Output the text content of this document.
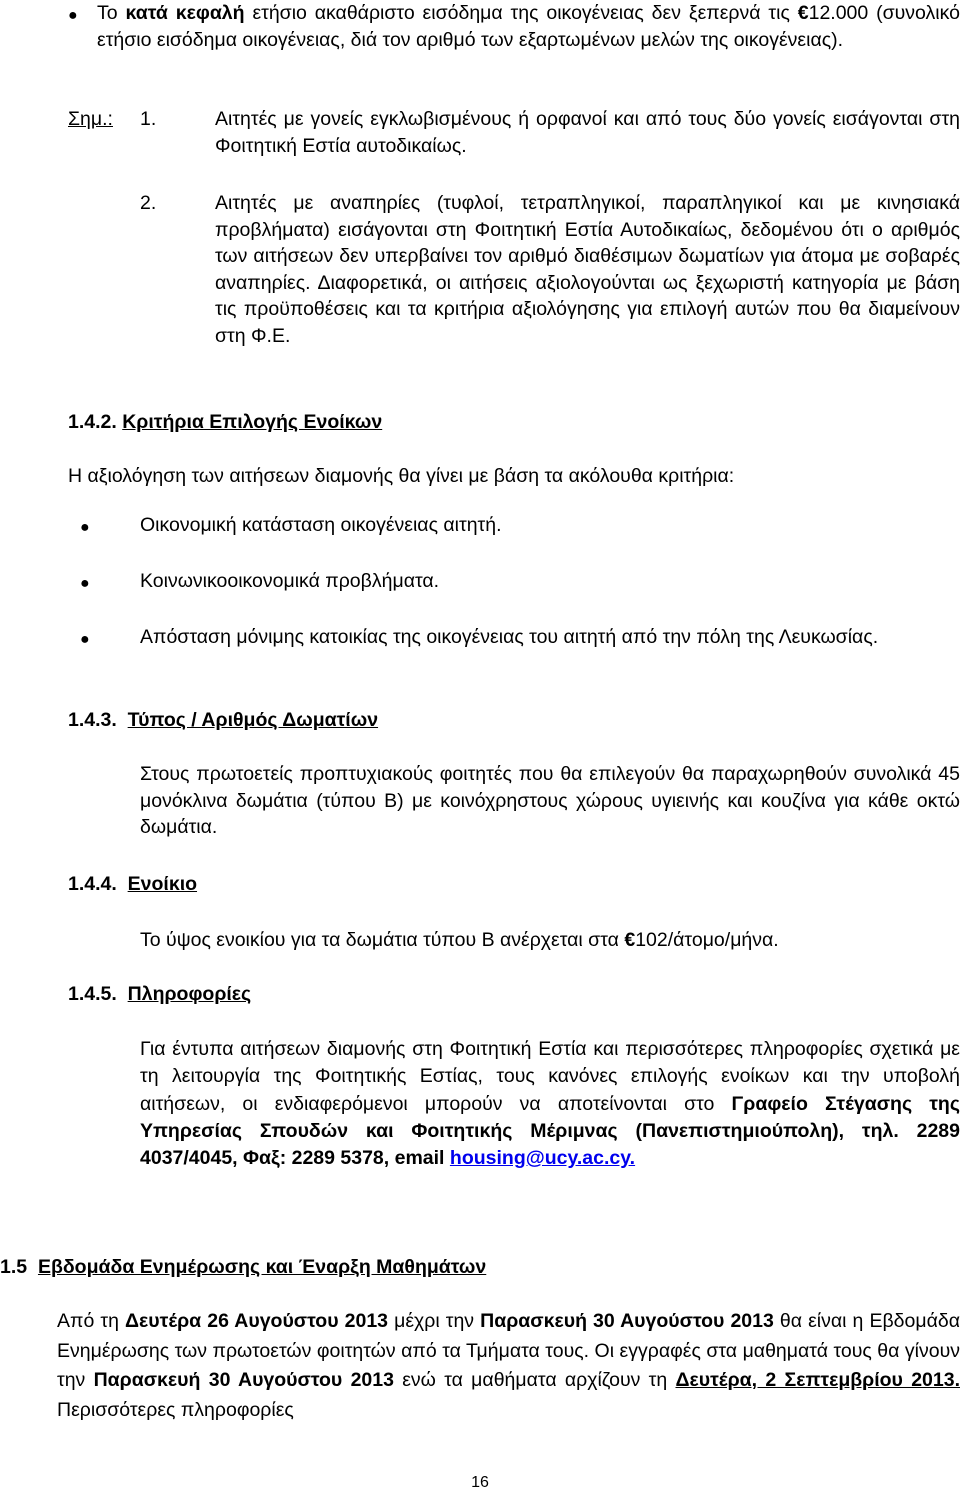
● Το κατά κεφαλή ετήσιο ακαθάριστο εισόδημα της οικογένειας δεν ξεπερνά τις €12.000 (συνολικό ετήσιο εισόδημα οικογένειας, διά τον αριθμό των εξαρτωμένων μελών της οικογένειας).
Σημ.: 1.	Αιτητές με γονείς εγκλωβισμένους ή ορφανοί και από τους δύο γονείς εισάγονται στη Φοιτητική Εστία αυτοδικαίως.
2.	Αιτητές με αναπηρίες (τυφλοί, τετραπληγικοί, παραπληγικοί και με κινησιακά προβλήματα) εισάγονται στη Φοιτητική Εστία Αυτοδικαίως, δεδομένου ότι ο αριθμός των αιτήσεων δεν υπερβαίνει τον αριθμό διαθέσιμων δωματίων για άτομα με σοβαρές αναπηρίες. Διαφορετικά, οι αιτήσεις αξιολογούνται ως ξεχωριστή κατηγορία με βάση τις προϋποθέσεις και τα κριτήρια αξιολόγησης για επιλογή αυτών που θα διαμείνουν στη Φ.Ε.
1.4.2. Κριτήρια Επιλογής Ενοίκων
Η αξιολόγηση των αιτήσεων διαμονής θα γίνει με βάση τα ακόλουθα κριτήρια:
●	Οικονομική κατάσταση οικογένειας αιτητή.
●	Κοινωνικοοικονομικά προβλήματα.
●	Απόσταση μόνιμης κατοικίας της οικογένειας του αιτητή από την πόλη της Λευκωσίας.
1.4.3. Τύπος / Αριθμός Δωματίων
Στους πρωτοετείς προπτυχιακούς φοιτητές που θα επιλεγούν θα παραχωρηθούν συνολικά 45 μονόκλινα δωμάτια (τύπου Β) με κοινόχρηστους χώρους υγιεινής και κουζίνα για κάθε οκτώ δωμάτια.
1.4.4. Ενοίκιο
Το ύψος ενοικίου για τα δωμάτια τύπου Β ανέρχεται στα €102/άτομο/μήνα.
1.4.5. Πληροφορίες
Για έντυπα αιτήσεων διαμονής στη Φοιτητική Εστία και περισσότερες πληροφορίες σχετικά με τη λειτουργία της Φοιτητικής Εστίας, τους κανόνες επιλογής ενοίκων και την υποβολή αιτήσεων, οι ενδιαφερόμενοι μπορούν να αποτείνονται στο Γραφείο Στέγασης της Υπηρεσίας Σπουδών και Φοιτητικής Μέριμνας (Πανεπιστημιούπολη), τηλ. 2289 4037/4045, Φαξ: 2289 5378, email housing@ucy.ac.cy.
1.5 Εβδομάδα Ενημέρωσης και Έναρξη Μαθημάτων
Από τη Δευτέρα 26 Αυγούστου 2013 μέχρι την Παρασκευή 30 Αυγούστου 2013 θα είναι η Εβδομάδα Ενημέρωσης των πρωτοετών φοιτητών από τα Τμήματα τους. Οι εγγραφές στα μαθηματά τους θα γίνουν την Παρασκευή 30 Αυγούστου 2013 ενώ τα μαθήματα αρχίζουν τη Δευτέρα, 2 Σεπτεμβρίου 2013. Περισσότερες πληροφορίες
16
